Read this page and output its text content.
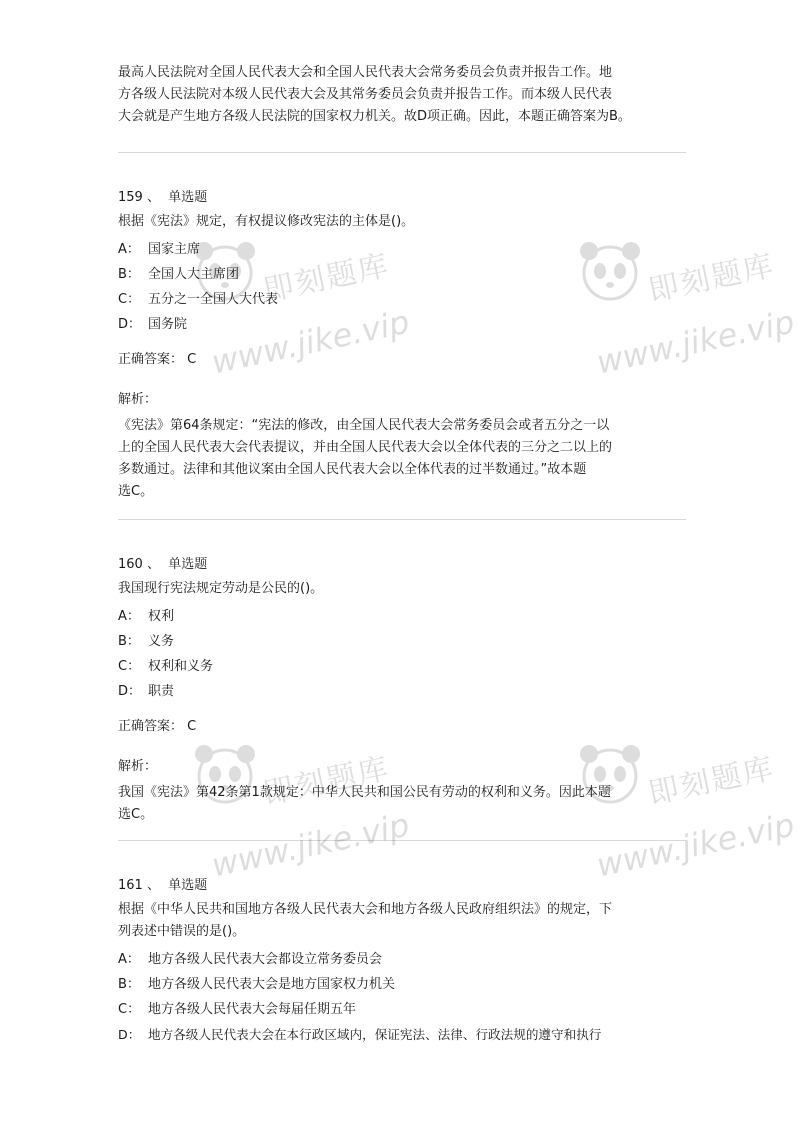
最高人民法院对全国人民代表大会和全国人民代表大会常务委员会负责并报告工作。地

方各级人民法院对本级人民代表大会及其常务委员会负责并报告工作。而本级人民代表

大会就是产生地方各级人民法院的国家权力机关。故D项正确。因此，本题正确答案为B。

159 、 单选题
根据《宪法》规定，有权提议修改宪法的主体是()。
A： 国家主席
B： 全国人大主席团
C： 五分之一全国人大代表
D： 国务院
正确答案： C
解析：

《宪法》第64条规定：“宪法的修改，由全国人民代表大会常务委员会或者五分之一以

上的全国人民代表大会代表提议，并由全国人民代表大会以全体代表的三分之二以上的

多数通过。法律和其他议案由全国人民代表大会以全体代表的过半数通过。”故本题

选C。

160 、 单选题
我国现行宪法规定劳动是公民的()。
A： 权利
B： 义务
C： 权利和义务
D： 职责
正确答案： C
解析：

我国《宪法》第42条第1款规定：中华人民共和国公民有劳动的权利和义务。因此本题

选C。

161 、 单选题
根据《中华人民共和国地方各级人民代表大会和地方各级人民政府组织法》的规定，下
列表述中错误的是()。
A： 地方各级人民代表大会都设立常务委员会
B： 地方各级人民代表大会是地方国家权力机关
C： 地方各级人民代表大会每届任期五年
D： 地方各级人民代表大会在本行政区域内，保证宪法、法律、行政法规的遵守和执行
即刻题库
www.jike.vip
即刻题库
www.jike.vip
即刻题库
www.jike.vip
即刻题库
www.jike.vip
